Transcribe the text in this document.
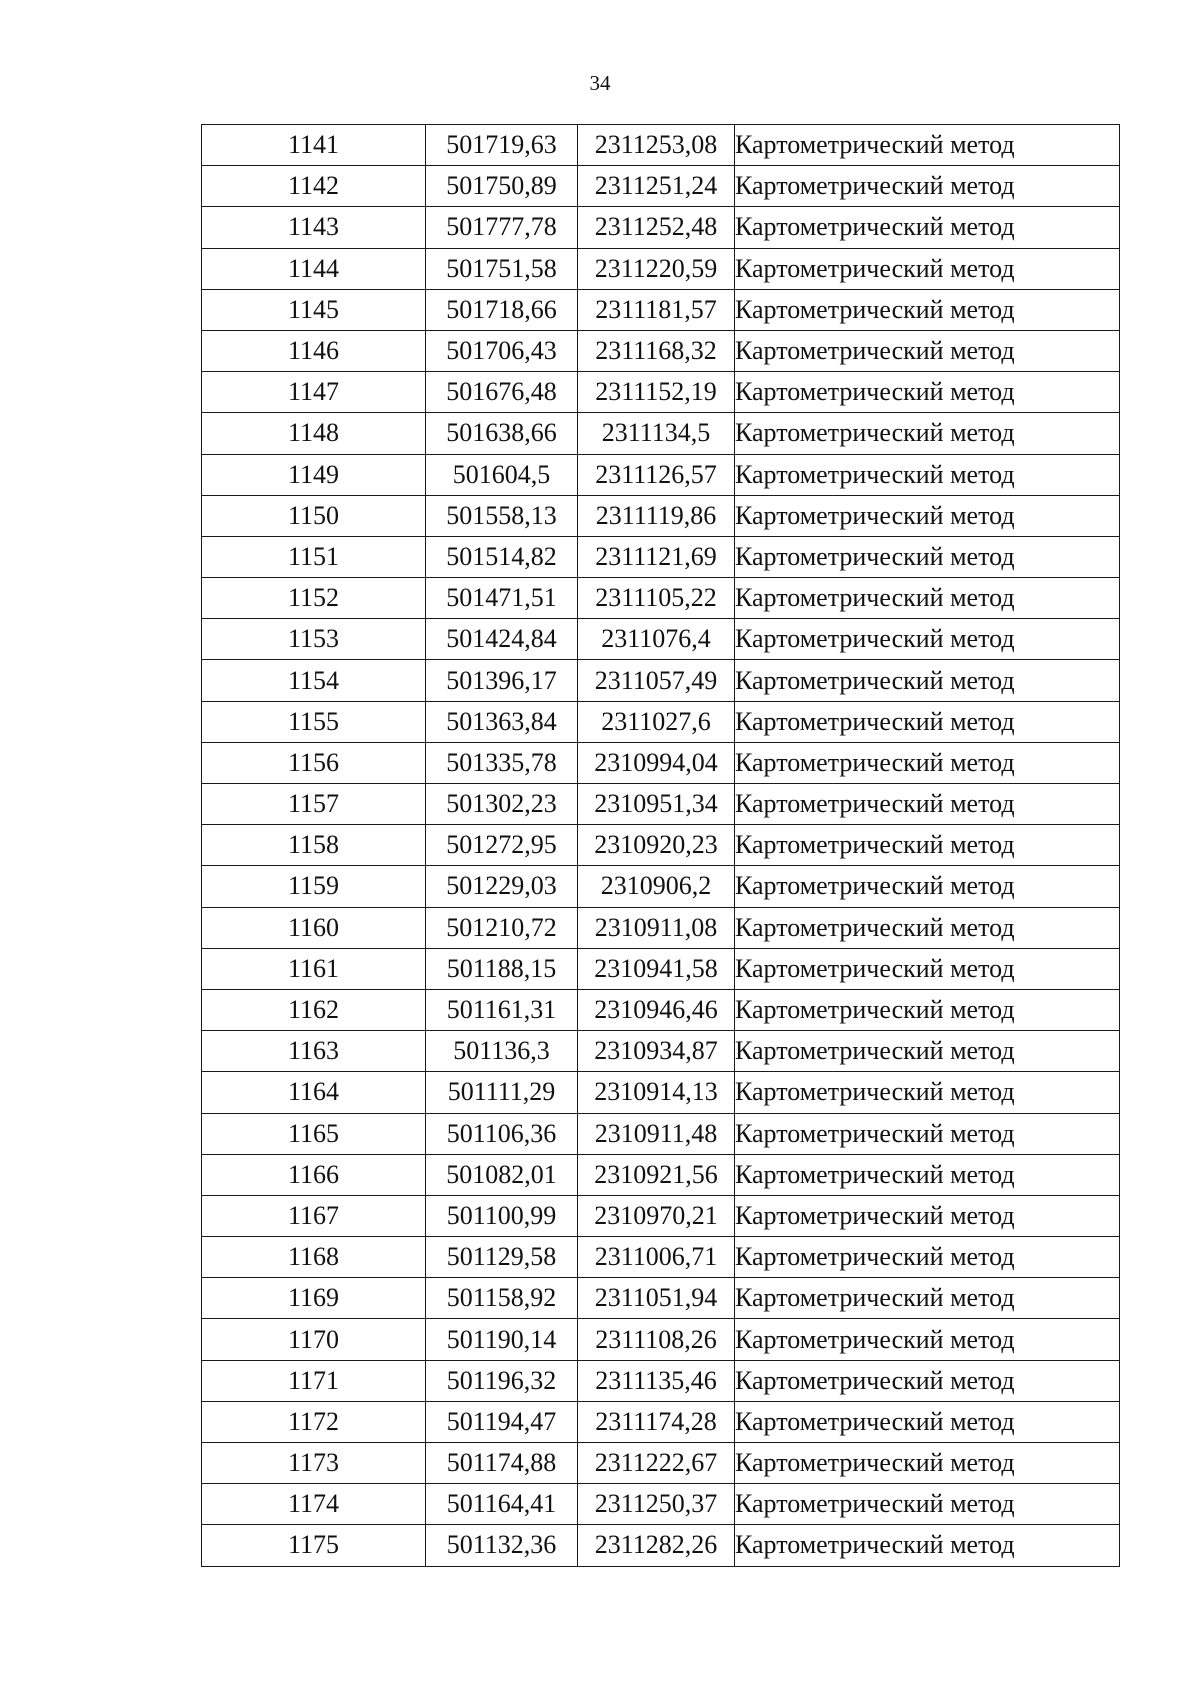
34
1141	501719,63	2311253,08	Картометрический метод
1142	501750,89	2311251,24	Картометрический метод
1143	501777,78	2311252,48	Картометрический метод
1144	501751,58	2311220,59	Картометрический метод
1145	501718,66	2311181,57	Картометрический метод
1146	501706,43	2311168,32	Картометрический метод
1147	501676,48	2311152,19	Картометрический метод
1148	501638,66	2311134,5	Картометрический метод
1149	501604,5	2311126,57	Картометрический метод
1150	501558,13	2311119,86	Картометрический метод
1151	501514,82	2311121,69	Картометрический метод
1152	501471,51	2311105,22	Картометрический метод
1153	501424,84	2311076,4	Картометрический метод
1154	501396,17	2311057,49	Картометрический метод
1155	501363,84	2311027,6	Картометрический метод
1156	501335,78	2310994,04	Картометрический метод
1157	501302,23	2310951,34	Картометрический метод
1158	501272,95	2310920,23	Картометрический метод
1159	501229,03	2310906,2	Картометрический метод
1160	501210,72	2310911,08	Картометрический метод
1161	501188,15	2310941,58	Картометрический метод
1162	501161,31	2310946,46	Картометрический метод
1163	501136,3	2310934,87	Картометрический метод
1164	501111,29	2310914,13	Картометрический метод
1165	501106,36	2310911,48	Картометрический метод
1166	501082,01	2310921,56	Картометрический метод
1167	501100,99	2310970,21	Картометрический метод
1168	501129,58	2311006,71	Картометрический метод
1169	501158,92	2311051,94	Картометрический метод
1170	501190,14	2311108,26	Картометрический метод
1171	501196,32	2311135,46	Картометрический метод
1172	501194,47	2311174,28	Картометрический метод
1173	501174,88	2311222,67	Картометрический метод
1174	501164,41	2311250,37	Картометрический метод
1175	501132,36	2311282,26	Картометрический метод
